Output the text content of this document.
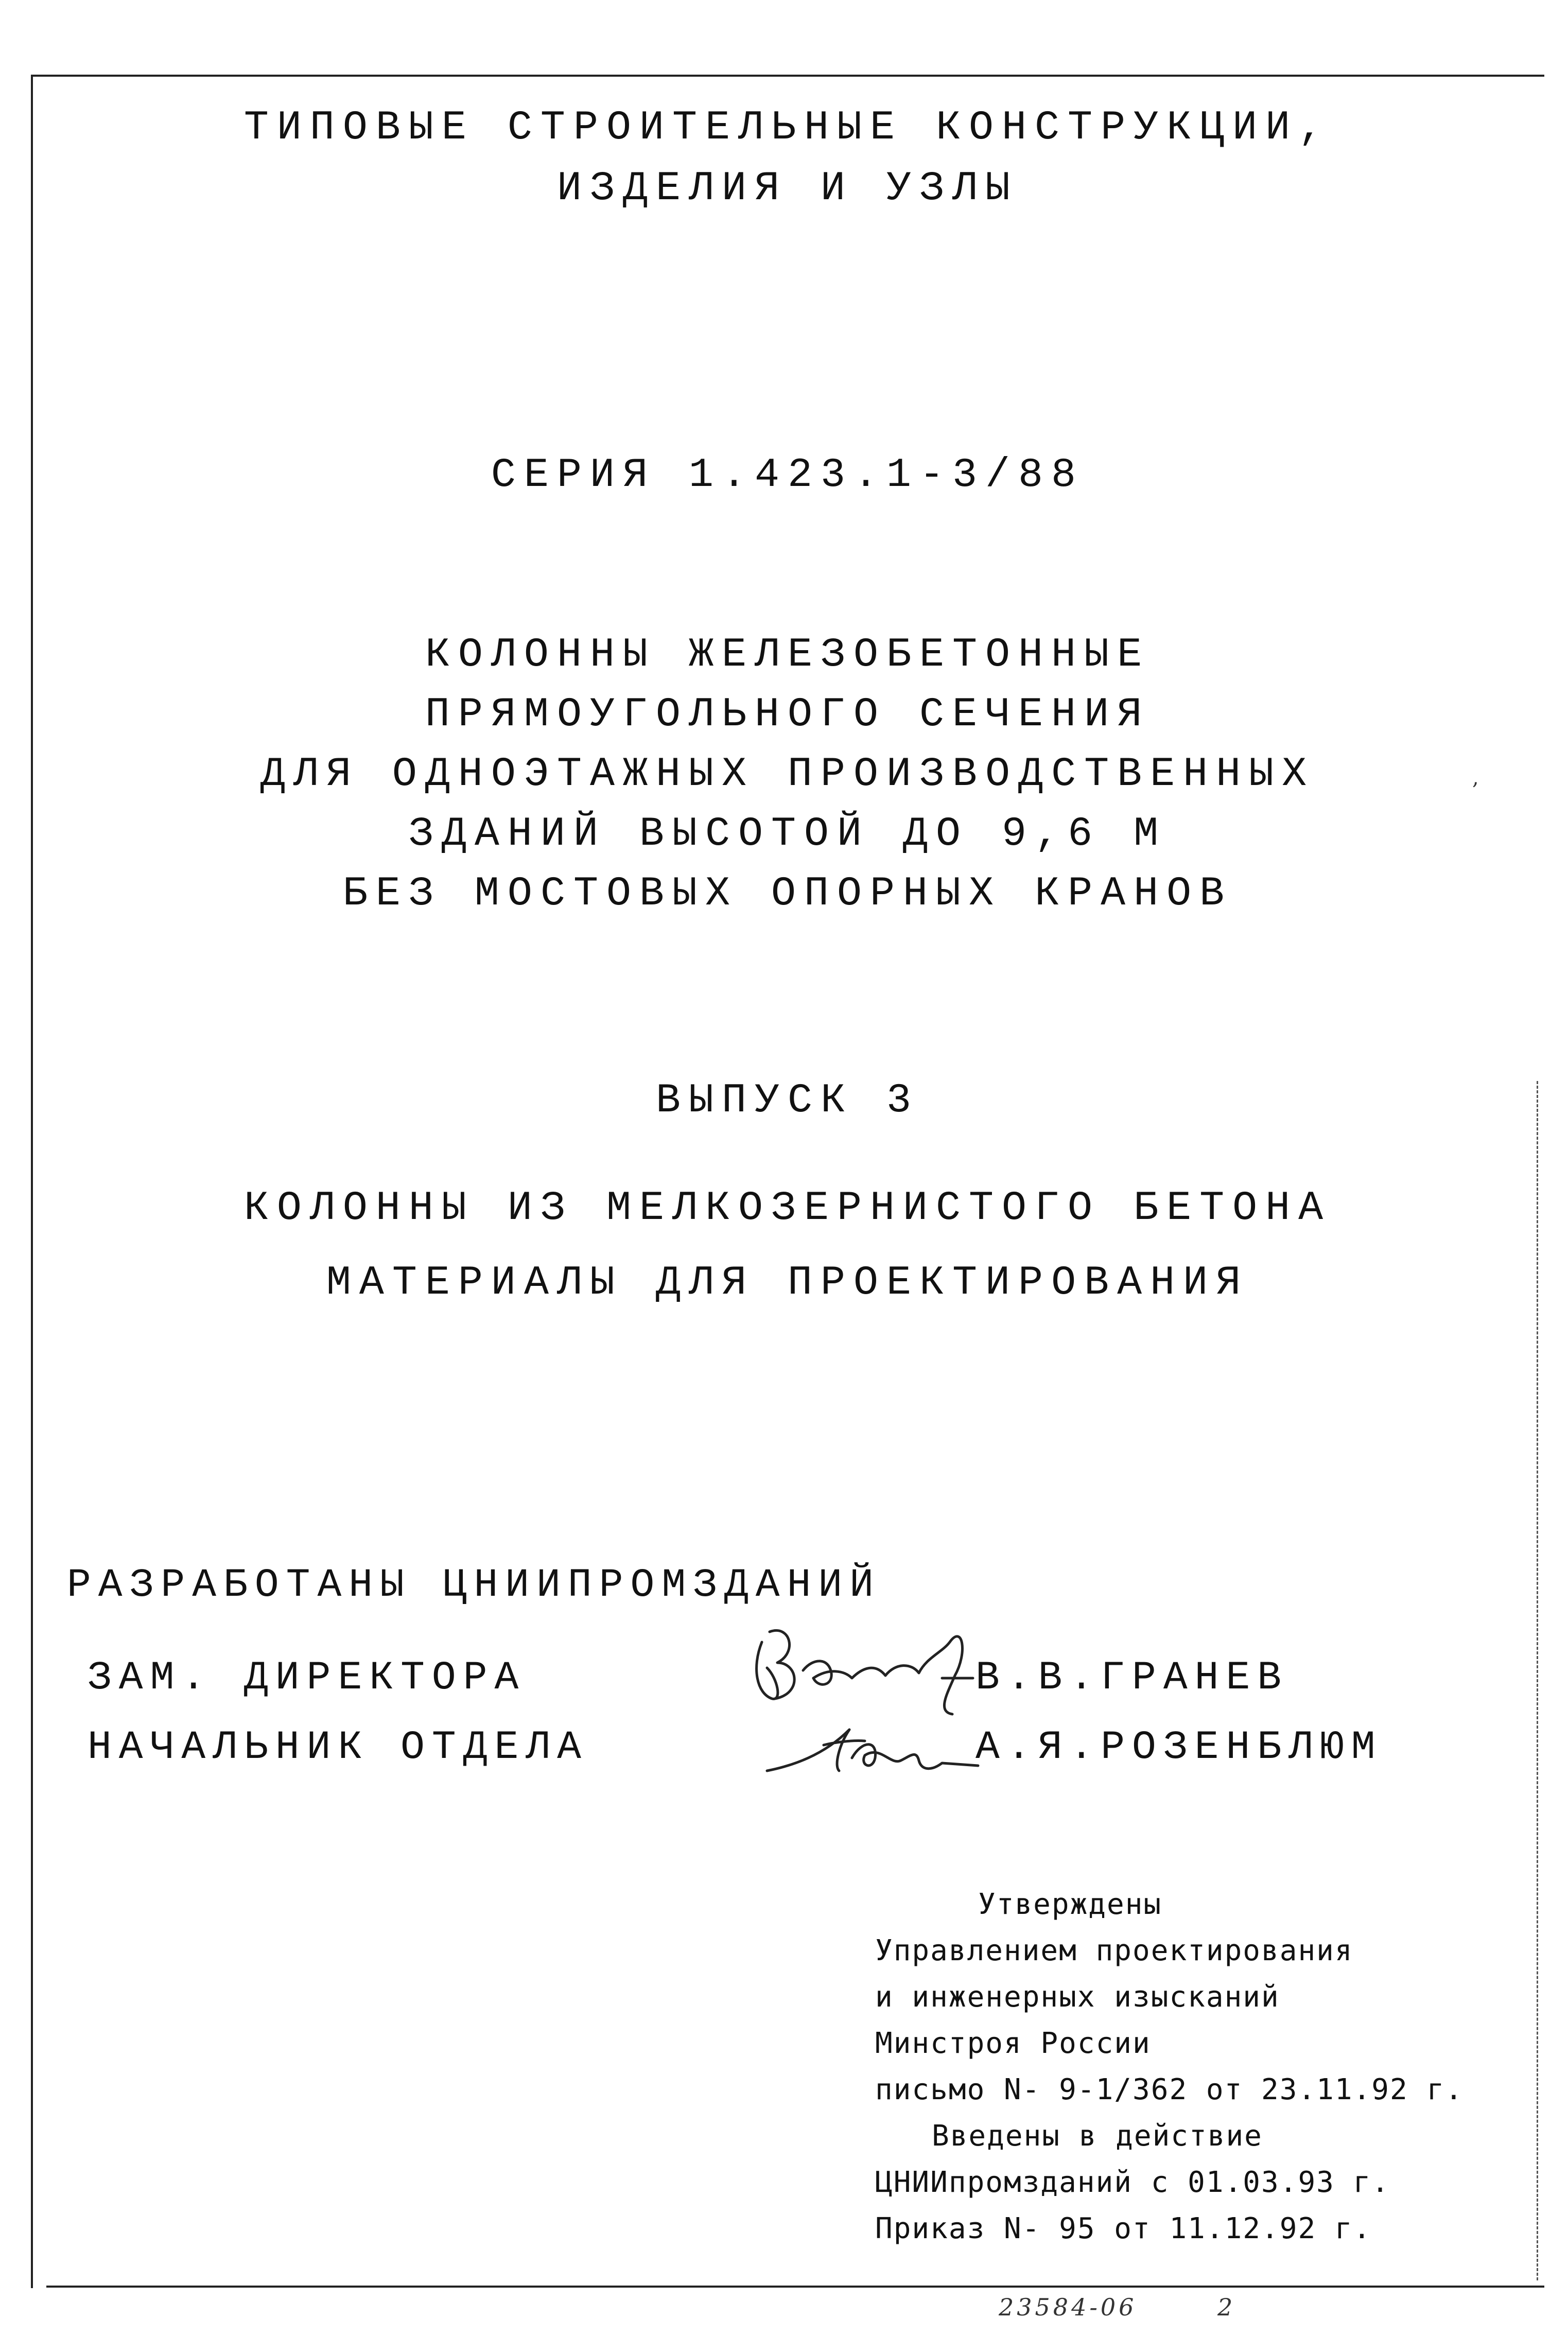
ТИПОВЫЕ СТРОИТЕЛЬНЫЕ КОНСТРУКЦИИ,
ИЗДЕЛИЯ И УЗЛЫ
СЕРИЯ 1.423.1-3/88
КОЛОННЫ ЖЕЛЕЗОБЕТОННЫЕ
ПРЯМОУГОЛЬНОГО СЕЧЕНИЯ
ДЛЯ ОДНОЭТАЖНЫХ ПРОИЗВОДСТВЕННЫХ
ЗДАНИЙ ВЫСОТОЙ ДО 9,6 М
БЕЗ МОСТОВЫХ ОПОРНЫХ КРАНОВ
,
ВЫПУСК 3
КОЛОННЫ ИЗ МЕЛКОЗЕРНИСТОГО БЕТОНА
МАТЕРИАЛЫ ДЛЯ ПРОЕКТИРОВАНИЯ
РАЗРАБОТАНЫ ЦНИИПРОМЗДАНИЙ
ЗАМ. ДИРЕКТОРА	В.В.ГРАНЕВ
НАЧАЛЬНИК ОТДЕЛА	А.Я.РОЗЕНБЛЮМ
Утверждены
Управлением проектирования
и инженерных изысканий
Минстроя России
письмо N- 9-1/362 от 23.11.92 г.
Введены в действие
ЦНИИпромзданий с 01.03.93 г.
Приказ N- 95 от 11.12.92 г.
23584-06	2
